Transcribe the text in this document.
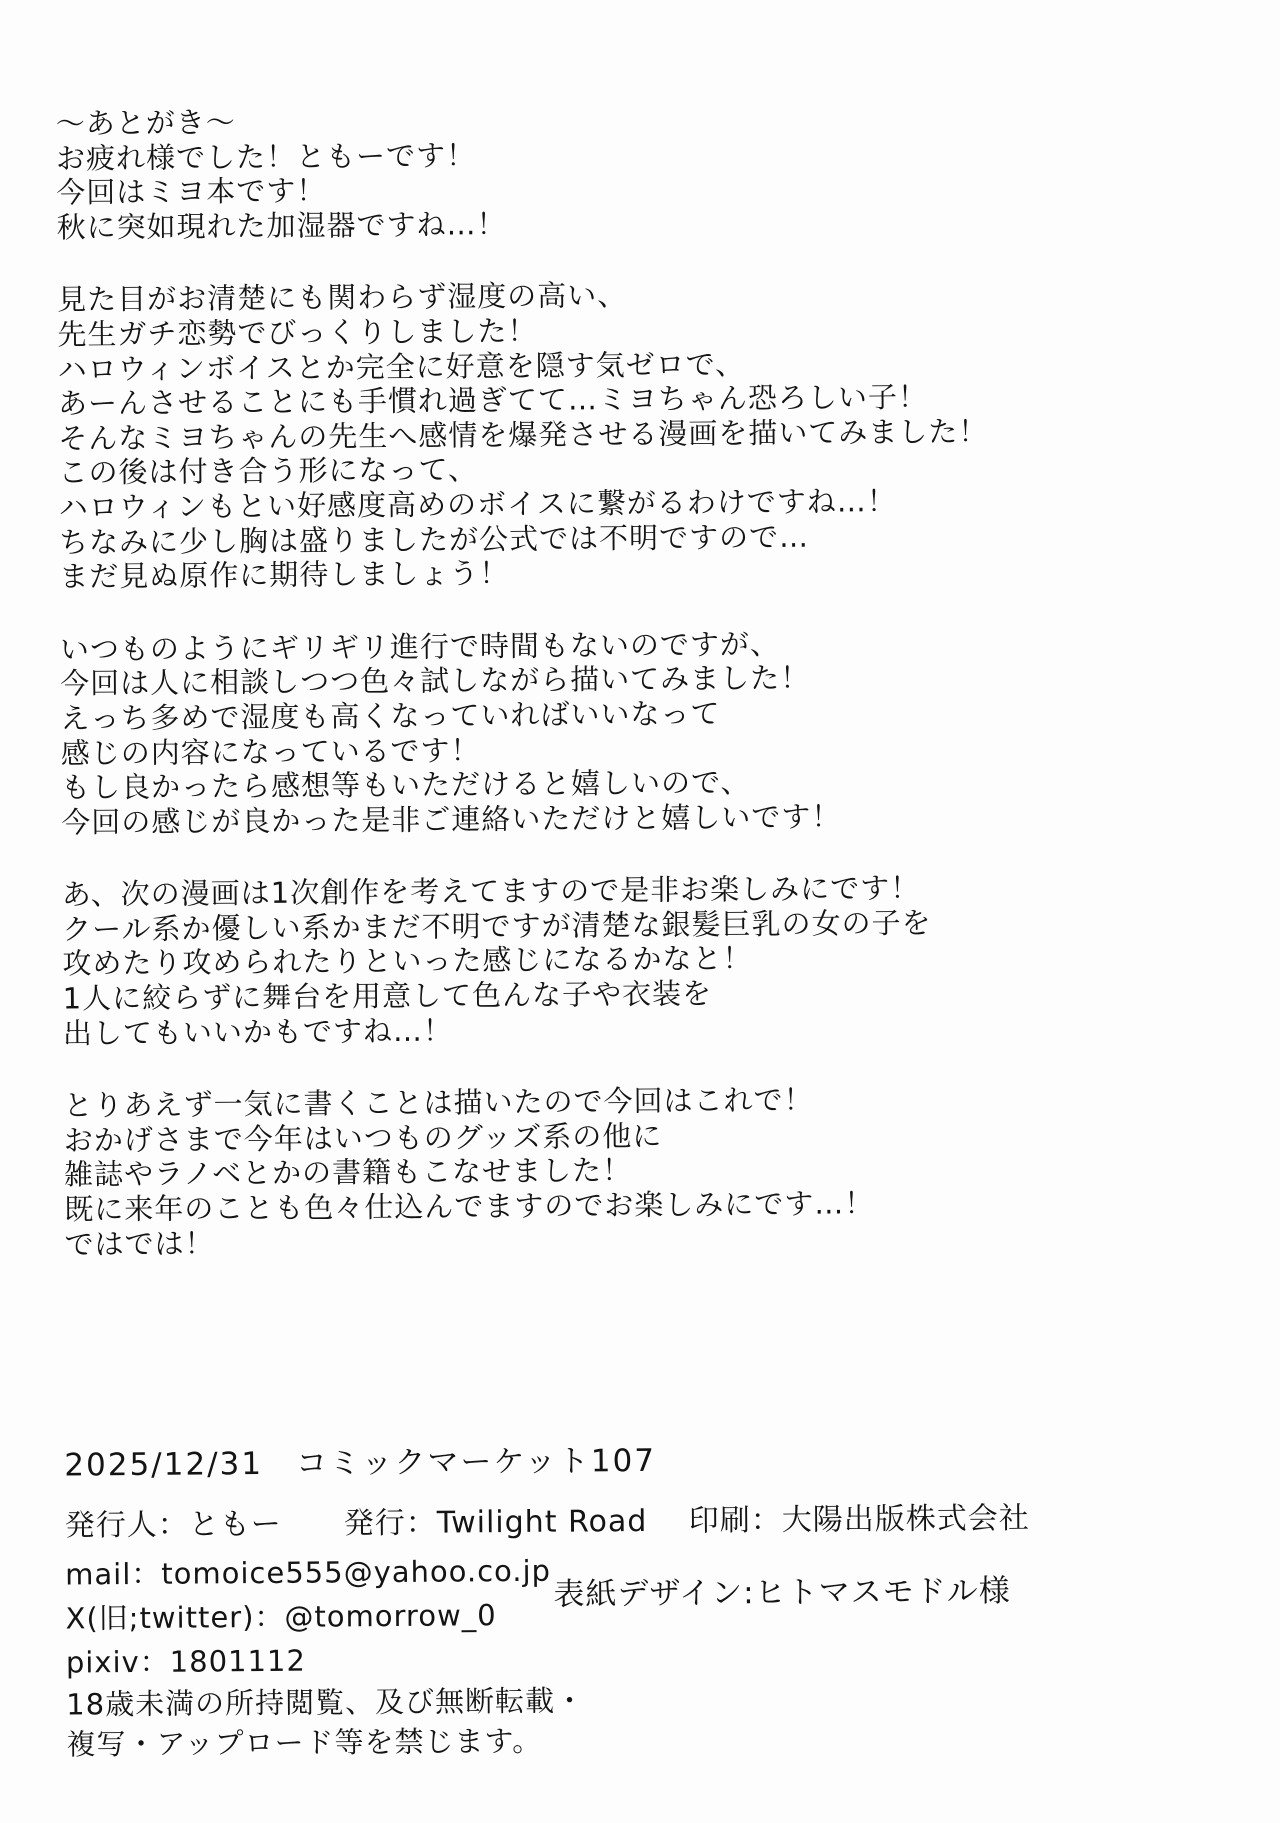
～あとがき～
お疲れ様でした！ともーです！
今回はミヨ本です！
秋に突如現れた加湿器ですね…！
見た目がお清楚にも関わらず湿度の高い、
先生ガチ恋勢でびっくりしました！
ハロウィンボイスとか完全に好意を隠す気ゼロで、
あーんさせることにも手慣れ過ぎてて…ミヨちゃん恐ろしい子！
そんなミヨちゃんの先生へ感情を爆発させる漫画を描いてみました！
この後は付き合う形になって、
ハロウィンもとい好感度高めのボイスに繋がるわけですね…！
ちなみに少し胸は盛りましたが公式では不明ですので…
まだ見ぬ原作に期待しましょう！
いつものようにギリギリ進行で時間もないのですが、
今回は人に相談しつつ色々試しながら描いてみました！
えっち多めで湿度も高くなっていればいいなって
感じの内容になっているです！
もし良かったら感想等もいただけると嬉しいので、
今回の感じが良かった是非ご連絡いただけと嬉しいです！
あ、次の漫画は1次創作を考えてますので是非お楽しみにです！
クール系か優しい系かまだ不明ですが清楚な銀髪巨乳の女の子を
攻めたり攻められたりといった感じになるかなと！
1人に絞らずに舞台を用意して色んな子や衣装を
出してもいいかもですね…！
とりあえず一気に書くことは描いたので今回はこれで！
おかげさまで今年はいつものグッズ系の他に
雑誌やラノベとかの書籍もこなせました！
既に来年のことも色々仕込んでますのでお楽しみにです…！
ではでは！
2025/12/31　コミックマーケット107
発行人：ともー　　発行：Twilight Road　 印刷：大陽出版株式会社
mail：tomoice555@yahoo.co.jp
X(旧;twitter)：@tomorrow_0
pixiv：1801112
18歳未満の所持閲覧、及び無断転載・
複写・アップロード等を禁じます。
表紙デザイン:ヒトマスモドル様
